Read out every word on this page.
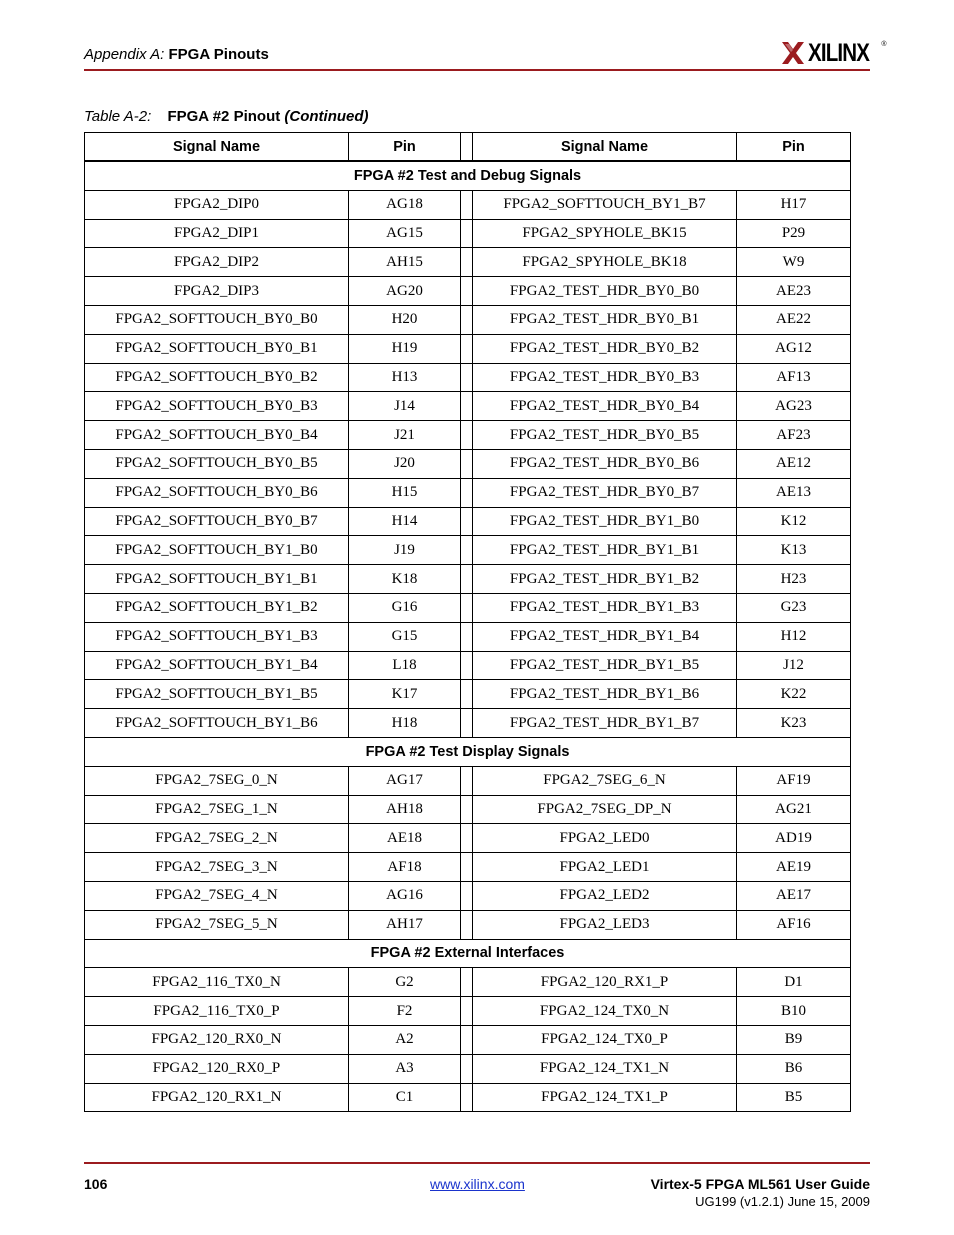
Appendix A: FPGA Pinouts	XILINX ®
Table A-2: FPGA #2 Pinout (Continued)
Signal Name	Pin		Signal Name	Pin
FPGA #2 Test and Debug Signals				
FPGA2_DIP0	AG18		FPGA2_SOFTTOUCH_BY1_B7	H17
FPGA2_DIP1	AG15		FPGA2_SPYHOLE_BK15	P29
FPGA2_DIP2	AH15		FPGA2_SPYHOLE_BK18	W9
FPGA2_DIP3	AG20		FPGA2_TEST_HDR_BY0_B0	AE23
FPGA2_SOFTTOUCH_BY0_B0	H20		FPGA2_TEST_HDR_BY0_B1	AE22
FPGA2_SOFTTOUCH_BY0_B1	H19		FPGA2_TEST_HDR_BY0_B2	AG12
FPGA2_SOFTTOUCH_BY0_B2	H13		FPGA2_TEST_HDR_BY0_B3	AF13
FPGA2_SOFTTOUCH_BY0_B3	J14		FPGA2_TEST_HDR_BY0_B4	AG23
FPGA2_SOFTTOUCH_BY0_B4	J21		FPGA2_TEST_HDR_BY0_B5	AF23
FPGA2_SOFTTOUCH_BY0_B5	J20		FPGA2_TEST_HDR_BY0_B6	AE12
FPGA2_SOFTTOUCH_BY0_B6	H15		FPGA2_TEST_HDR_BY0_B7	AE13
FPGA2_SOFTTOUCH_BY0_B7	H14		FPGA2_TEST_HDR_BY1_B0	K12
FPGA2_SOFTTOUCH_BY1_B0	J19		FPGA2_TEST_HDR_BY1_B1	K13
FPGA2_SOFTTOUCH_BY1_B1	K18		FPGA2_TEST_HDR_BY1_B2	H23
FPGA2_SOFTTOUCH_BY1_B2	G16		FPGA2_TEST_HDR_BY1_B3	G23
FPGA2_SOFTTOUCH_BY1_B3	G15		FPGA2_TEST_HDR_BY1_B4	H12
FPGA2_SOFTTOUCH_BY1_B4	L18		FPGA2_TEST_HDR_BY1_B5	J12
FPGA2_SOFTTOUCH_BY1_B5	K17		FPGA2_TEST_HDR_BY1_B6	K22
FPGA2_SOFTTOUCH_BY1_B6	H18		FPGA2_TEST_HDR_BY1_B7	K23
FPGA #2 Test Display Signals				
FPGA2_7SEG_0_N	AG17		FPGA2_7SEG_6_N	AF19
FPGA2_7SEG_1_N	AH18		FPGA2_7SEG_DP_N	AG21
FPGA2_7SEG_2_N	AE18		FPGA2_LED0	AD19
FPGA2_7SEG_3_N	AF18		FPGA2_LED1	AE19
FPGA2_7SEG_4_N	AG16		FPGA2_LED2	AE17
FPGA2_7SEG_5_N	AH17		FPGA2_LED3	AF16
FPGA #2 External Interfaces				
FPGA2_116_TX0_N	G2		FPGA2_120_RX1_P	D1
FPGA2_116_TX0_P	F2		FPGA2_124_TX0_N	B10
FPGA2_120_RX0_N	A2		FPGA2_124_TX0_P	B9
FPGA2_120_RX0_P	A3		FPGA2_124_TX1_N	B6
FPGA2_120_RX1_N	C1		FPGA2_124_TX1_P	B5
106	www.xilinx.com	Virtex-5 FPGA ML561 User Guide
UG199 (v1.2.1) June 15, 2009
